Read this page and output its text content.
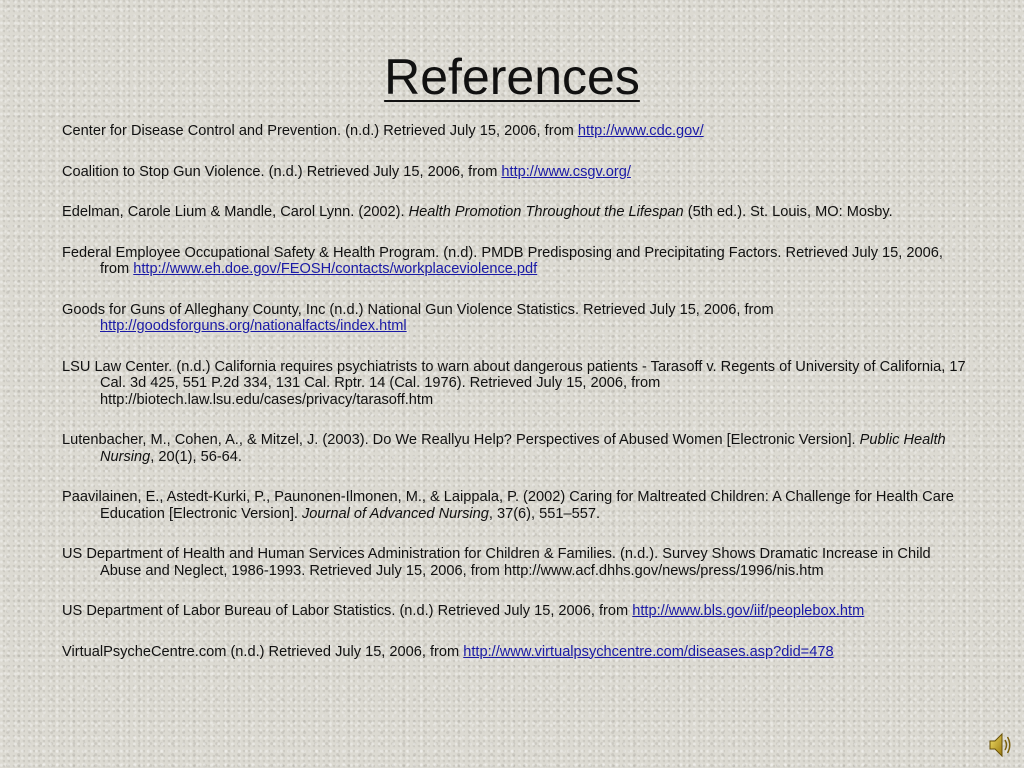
References
Center for Disease Control and Prevention. (n.d.) Retrieved July 15, 2006, from http://www.cdc.gov/
Coalition to Stop Gun Violence. (n.d.) Retrieved July 15, 2006, from http://www.csgv.org/
Edelman, Carole Lium & Mandle, Carol Lynn. (2002). Health Promotion Throughout the Lifespan (5th ed.). St. Louis, MO: Mosby.
Federal Employee Occupational Safety & Health Program. (n.d). PMDB Predisposing and Precipitating Factors. Retrieved July 15, 2006, from http://www.eh.doe.gov/FEOSH/contacts/workplaceviolence.pdf
Goods for Guns of Alleghany County, Inc (n.d.) National Gun Violence Statistics. Retrieved July 15, 2006, from http://goodsforguns.org/nationalfacts/index.html
LSU Law Center. (n.d.) California requires psychiatrists to warn about dangerous patients - Tarasoff v. Regents of University of California, 17 Cal. 3d 425, 551 P.2d 334, 131 Cal. Rptr. 14 (Cal. 1976). Retrieved July 15, 2006, from http://biotech.law.lsu.edu/cases/privacy/tarasoff.htm
Lutenbacher, M., Cohen, A., & Mitzel, J. (2003). Do We Reallyu Help? Perspectives of Abused Women [Electronic Version]. Public Health Nursing, 20(1), 56-64.
Paavilainen, E., Astedt-Kurki, P., Paunonen-Ilmonen, M., & Laippala, P. (2002) Caring for Maltreated Children: A Challenge for Health Care Education [Electronic Version]. Journal of Advanced Nursing, 37(6), 551–557.
US Department of Health and Human Services Administration for Children & Families. (n.d.). Survey Shows Dramatic Increase in Child Abuse and Neglect, 1986-1993. Retrieved July 15, 2006, from http://www.acf.dhhs.gov/news/press/1996/nis.htm
US Department of Labor Bureau of Labor Statistics. (n.d.) Retrieved July 15, 2006, from http://www.bls.gov/iif/peoplebox.htm
VirtualPsycheCentre.com (n.d.) Retrieved July 15, 2006, from http://www.virtualpsychcentre.com/diseases.asp?did=478
